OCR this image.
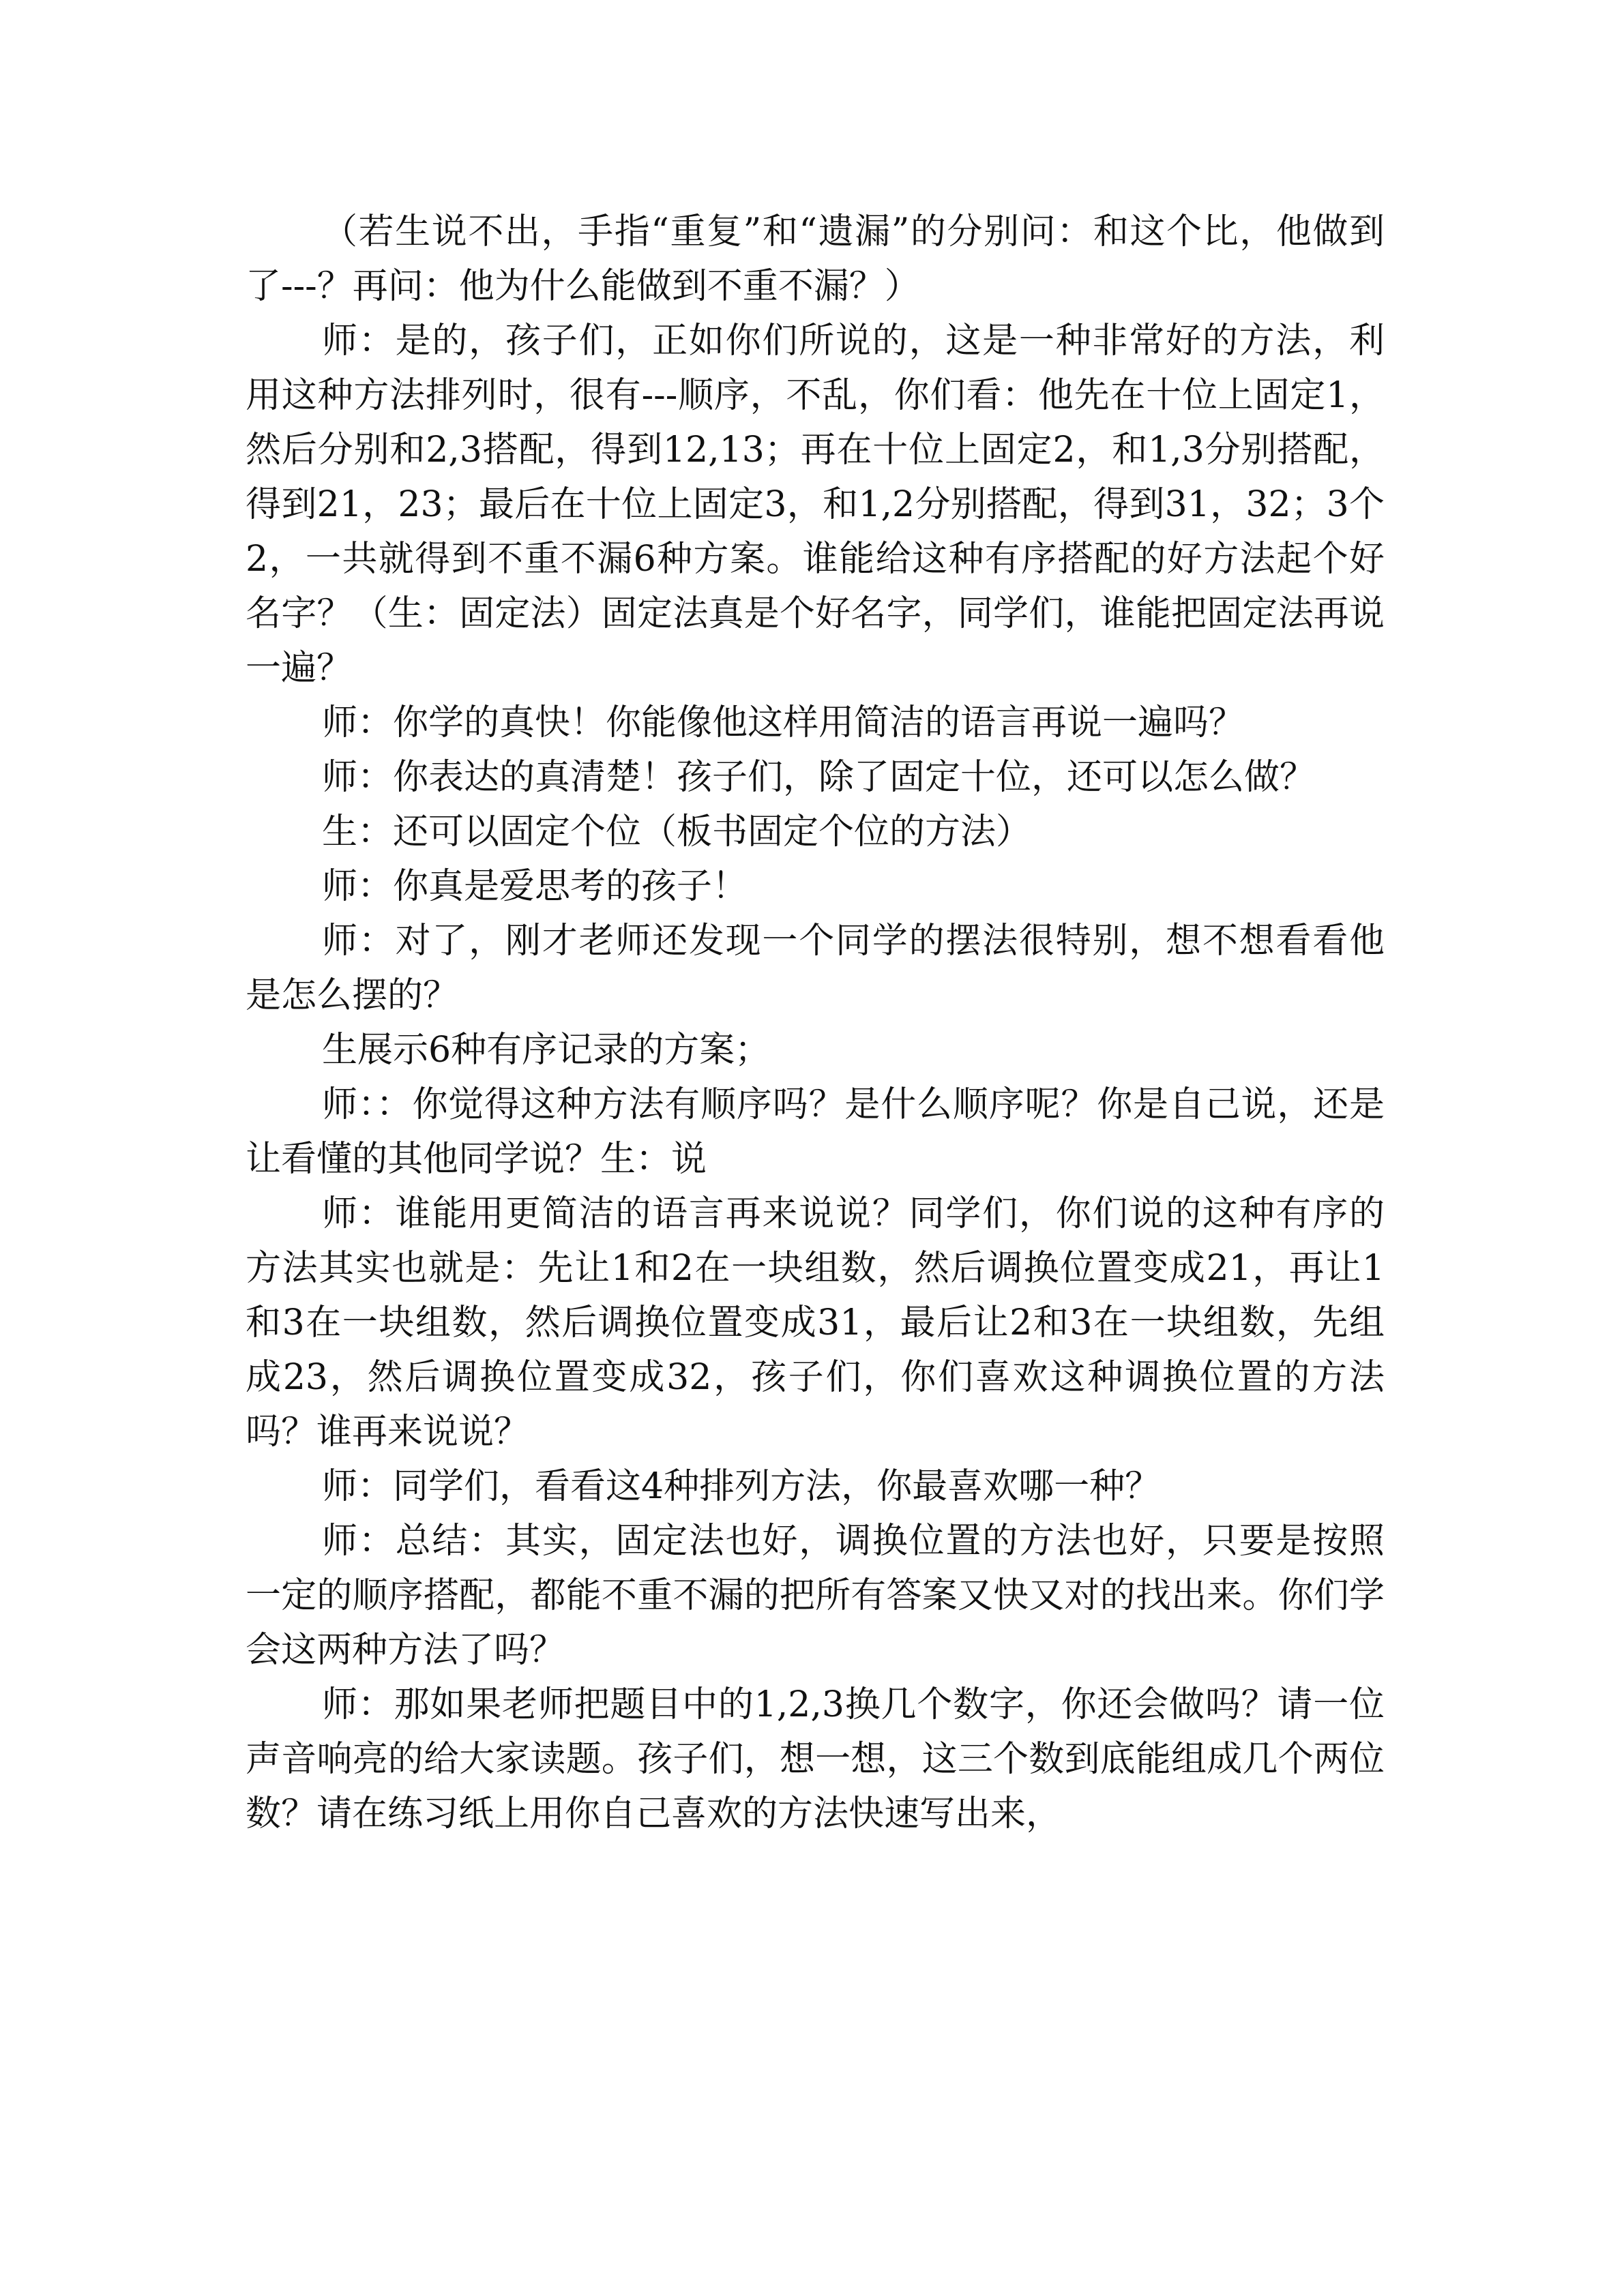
（若生说不出，手指“重复”和“遗漏”的分别问：和这个比，他做到了---？再问：他为什么能做到不重不漏？）

师：是的，孩子们，正如你们所说的，这是一种非常好的方法，利用这种方法排列时，很有---顺序，不乱，你们看：他先在十位上固定1，然后分别和2,3搭配，得到12,13；再在十位上固定2，和1,3分别搭配，得到21，23；最后在十位上固定3，和1,2分别搭配，得到31，32；3个2，一共就得到不重不漏6种方案。谁能给这种有序搭配的好方法起个好名字？（生：固定法）固定法真是个好名字，同学们，谁能把固定法再说一遍？

师：你学的真快！你能像他这样用简洁的语言再说一遍吗？

师：你表达的真清楚！孩子们，除了固定十位，还可以怎么做？

生：还可以固定个位（板书固定个位的方法）

师：你真是爱思考的孩子！

师：对了，刚才老师还发现一个同学的摆法很特别，想不想看看他是怎么摆的？

生展示6种有序记录的方案；

师：：你觉得这种方法有顺序吗？是什么顺序呢？你是自己说，还是让看懂的其他同学说？生：说

师：谁能用更简洁的语言再来说说？同学们，你们说的这种有序的方法其实也就是：先让1和2在一块组数，然后调换位置变成21，再让1和3在一块组数，然后调换位置变成31，最后让2和3在一块组数，先组成23，然后调换位置变成32，孩子们，你们喜欢这种调换位置的方法吗？谁再来说说？

师：同学们，看看这4种排列方法，你最喜欢哪一种？

师：总结：其实，固定法也好，调换位置的方法也好，只要是按照一定的顺序搭配，都能不重不漏的把所有答案又快又对的找出来。你们学会这两种方法了吗？

师：那如果老师把题目中的1,2,3换几个数字，你还会做吗？请一位声音响亮的给大家读题。孩子们，想一想，这三个数到底能组成几个两位数？请在练习纸上用你自己喜欢的方法快速写出来，
